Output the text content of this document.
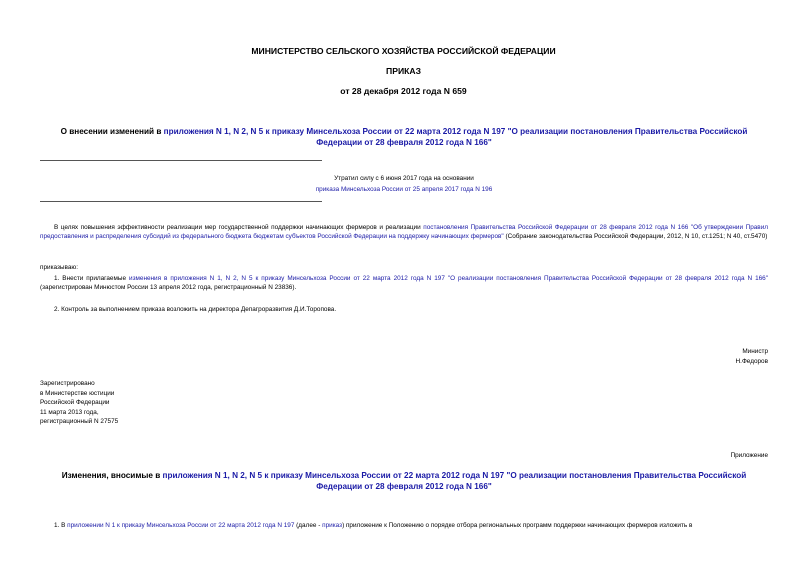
МИНИСТЕРСТВО СЕЛЬСКОГО ХОЗЯЙСТВА РОССИЙСКОЙ ФЕДЕРАЦИИ
ПРИКАЗ
от 28 декабря 2012 года N 659
О внесении изменений в приложения N 1, N 2, N 5 к приказу Минсельхоза России от 22 марта 2012 года N 197 "О реализации постановления Правительства Российской Федерации от 28 февраля 2012 года N 166"
Утратил силу с 6 июня 2017 года на основании
приказа Минсельхоза России от 25 апреля 2017 года N 196
В целях повышения эффективности реализации мер государственной поддержки начинающих фермеров и реализации постановления Правительства Российской Федерации от 28 февраля 2012 года N 166 "Об утверждении Правил предоставления и распределения субсидий из федерального бюджета бюджетам субъектов Российской Федерации на поддержку начинающих фермеров" (Собрание законодательства Российской Федерации, 2012, N 10, ст.1251; N 40, ст.5470)
приказываю:
1. Внести прилагаемые изменения в приложения N 1, N 2, N 5 к приказу Минсельхоза России от 22 марта 2012 года N 197 "О реализации постановления Правительства Российской Федерации от 28 февраля 2012 года N 166" (зарегистрирован Минюстом России 13 апреля 2012 года, регистрационный N 23836).
2. Контроль за выполнением приказа возложить на директора Депагроразвития Д.И.Торопова.
Министр
Н.Федоров
Зарегистрировано
в Министерстве юстиции
Российской Федерации
11 марта 2013 года,
регистрационный N 27575
Приложение
Изменения, вносимые в приложения N 1, N 2, N 5 к приказу Минсельхоза России от 22 марта 2012 года N 197 "О реализации постановления Правительства Российской Федерации от 28 февраля 2012 года N 166"
1. В приложении N 1 к приказу Минсельхоза России от 22 марта 2012 года N 197 (далее - приказ) приложение к Положению о порядке отбора региональных программ поддержки начинающих фермеров изложить в
